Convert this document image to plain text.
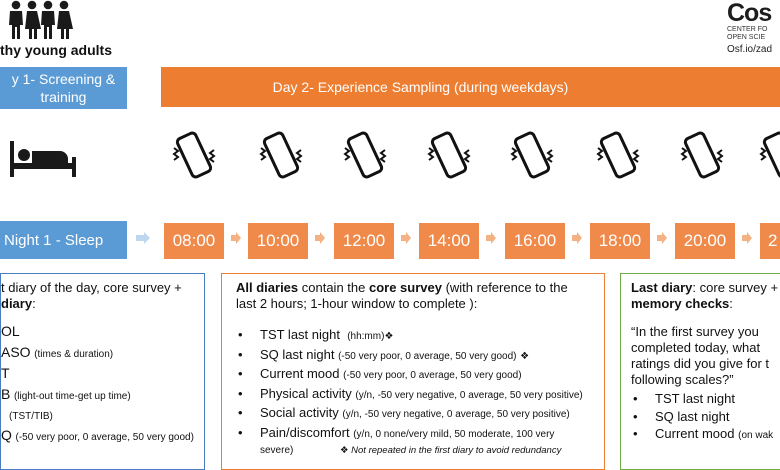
thy young adults
Cos
CENTER FO
OPEN SCIE
Osf.io/zad
y 1- Screening &
training
Day 2- Experience Sampling (during weekdays)
Night 1 - Sleep	08:00	10:00	12:00	14:00	16:00	18:00	20:00	2
t diary of the day, core survey +
diary:
OL
ASO (times & duration)
T
B (light-out time-get up time)
(TST/TIB)
Q (-50 very poor, 0 average, 50 very good)
All diaries contain the core survey (with reference to the
last 2 hours; 1-hour window to complete ):
• TST last night (hh:mm)❖
• SQ last night (-50 very poor, 0 average, 50 very good) ❖
• Current mood (-50 very poor, 0 average, 50 very good)
• Physical activity (y/n, -50 very negative, 0 average, 50 very positive)
• Social activity (y/n, -50 very negative, 0 average, 50 very positive)
• Pain/discomfort (y/n, 0 none/very mild, 50 moderate, 100 very
severe)	❖ Not repeated in the first diary to avoid redundancy
Last diary: core survey +
memory checks:
“In the first survey you
completed today, what
ratings did you give for t
following scales?”
• TST last night
• SQ last night
• Current mood (on wak
